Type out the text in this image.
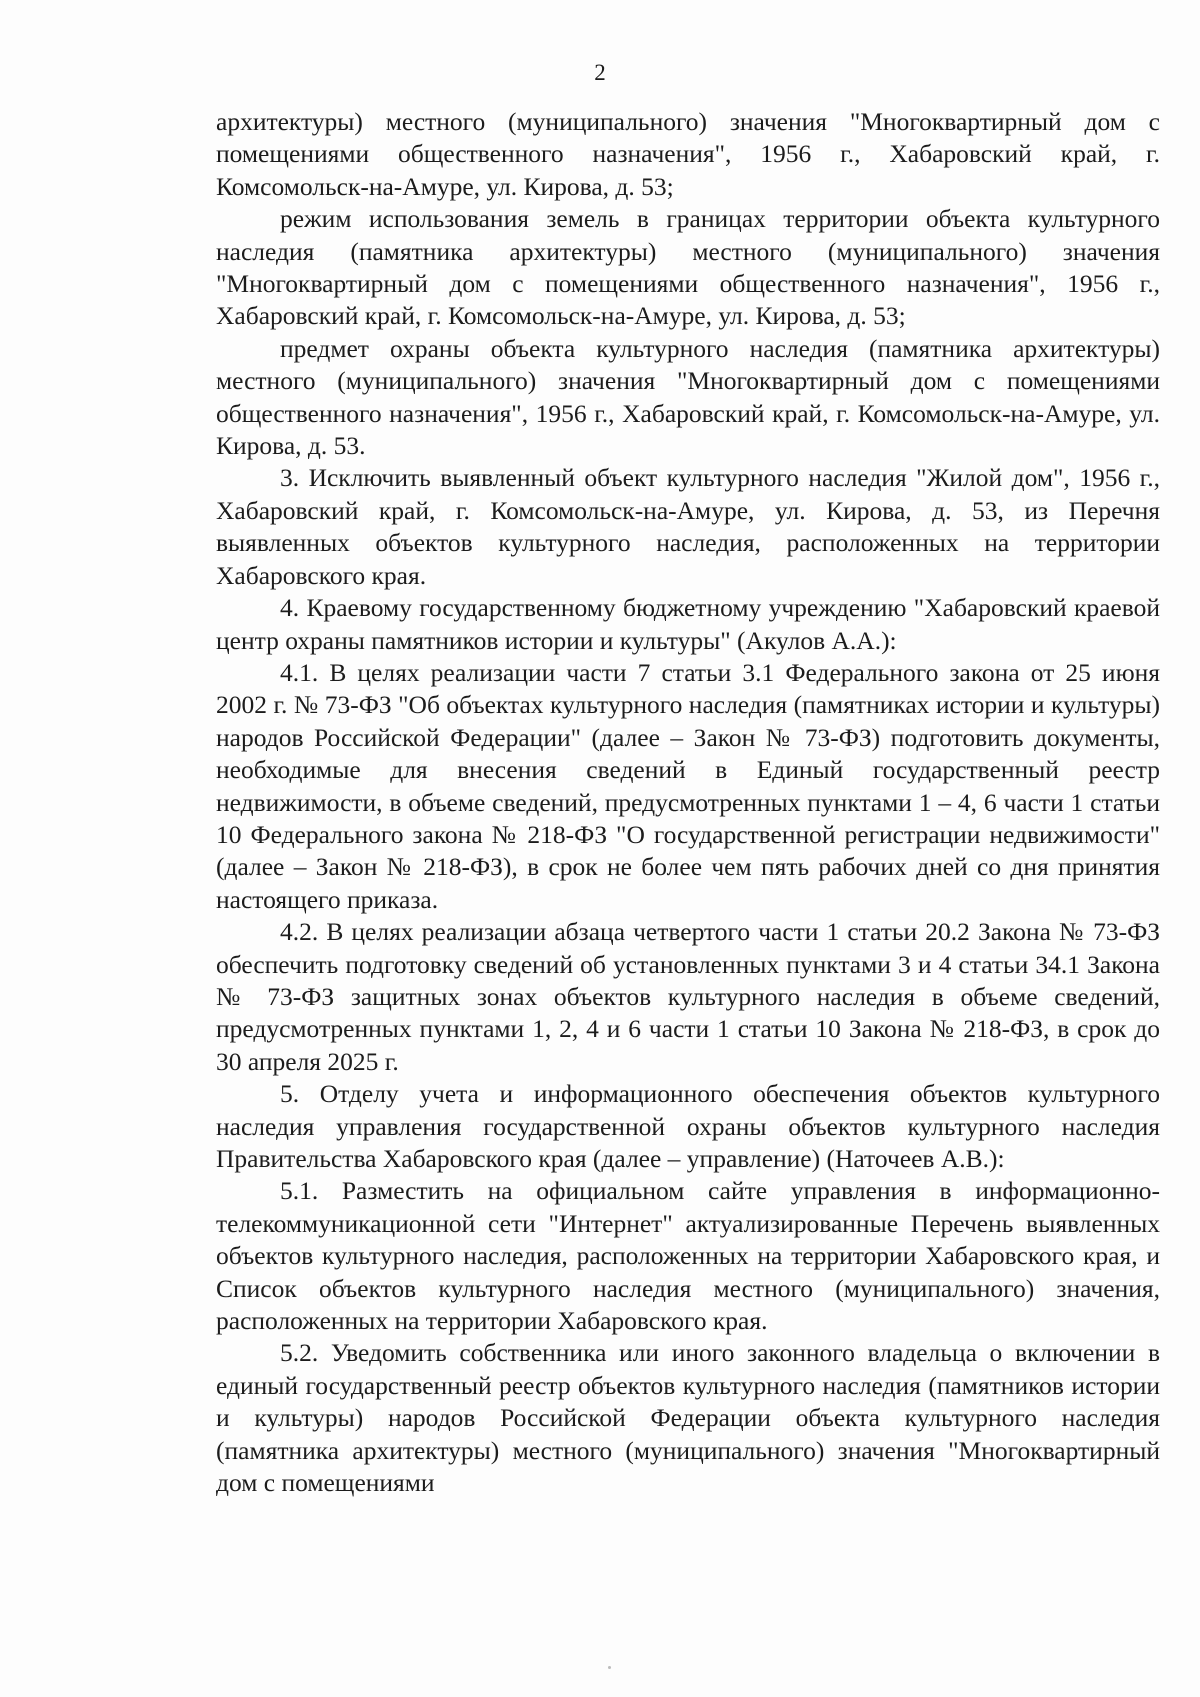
2

архитектуры) местного (муниципального) значения "Многоквартирный дом с помещениями общественного назначения", 1956 г., Хабаровский край, г. Комсомольск-на-Амуре, ул. Кирова, д. 53;

режим использования земель в границах территории объекта культурного наследия (памятника архитектуры) местного (муниципального) значения "Многоквартирный дом с помещениями общественного назначения", 1956 г., Хабаровский край, г. Комсомольск-на-Амуре, ул. Кирова, д. 53;

предмет охраны объекта культурного наследия (памятника архитектуры) местного (муниципального) значения "Многоквартирный дом с помещениями общественного назначения", 1956 г., Хабаровский край, г. Комсомольск-на-Амуре, ул. Кирова, д. 53.

3. Исключить выявленный объект культурного наследия "Жилой дом", 1956 г., Хабаровский край, г. Комсомольск-на-Амуре, ул. Кирова, д. 53, из Перечня выявленных объектов культурного наследия, расположенных на территории Хабаровского края.

4. Краевому государственному бюджетному учреждению "Хабаровский краевой центр охраны памятников истории и культуры" (Акулов А.А.):

4.1. В целях реализации части 7 статьи 3.1 Федерального закона от 25 июня 2002 г. № 73-ФЗ "Об объектах культурного наследия (памятниках истории и культуры) народов Российской Федерации" (далее – Закон № 73-ФЗ) подготовить документы, необходимые для внесения сведений в Единый государственный реестр недвижимости, в объеме сведений, предусмотренных пунктами 1 – 4, 6 части 1 статьи 10 Федерального закона № 218-ФЗ "О государственной регистрации недвижимости" (далее – Закон № 218-ФЗ), в срок не более чем пять рабочих дней со дня принятия настоящего приказа.

4.2. В целях реализации абзаца четвертого части 1 статьи 20.2 Закона № 73-ФЗ обеспечить подготовку сведений об установленных пунктами 3 и 4 статьи 34.1 Закона № 73-ФЗ защитных зонах объектов культурного наследия в объеме сведений, предусмотренных пунктами 1, 2, 4 и 6 части 1 статьи 10 Закона № 218-ФЗ, в срок до 30 апреля 2025 г.

5. Отделу учета и информационного обеспечения объектов культурного наследия управления государственной охраны объектов культурного наследия Правительства Хабаровского края (далее – управление) (Наточеев А.В.):

5.1. Разместить на официальном сайте управления в информационно-телекоммуникационной сети "Интернет" актуализированные Перечень выявленных объектов культурного наследия, расположенных на территории Хабаровского края, и Список объектов культурного наследия местного (муниципального) значения, расположенных на территории Хабаровского края.

5.2. Уведомить собственника или иного законного владельца о включении в единый государственный реестр объектов культурного наследия (памятников истории и культуры) народов Российской Федерации объекта культурного наследия (памятника архитектуры) местного (муниципального) значения "Многоквартирный дом с помещениями
